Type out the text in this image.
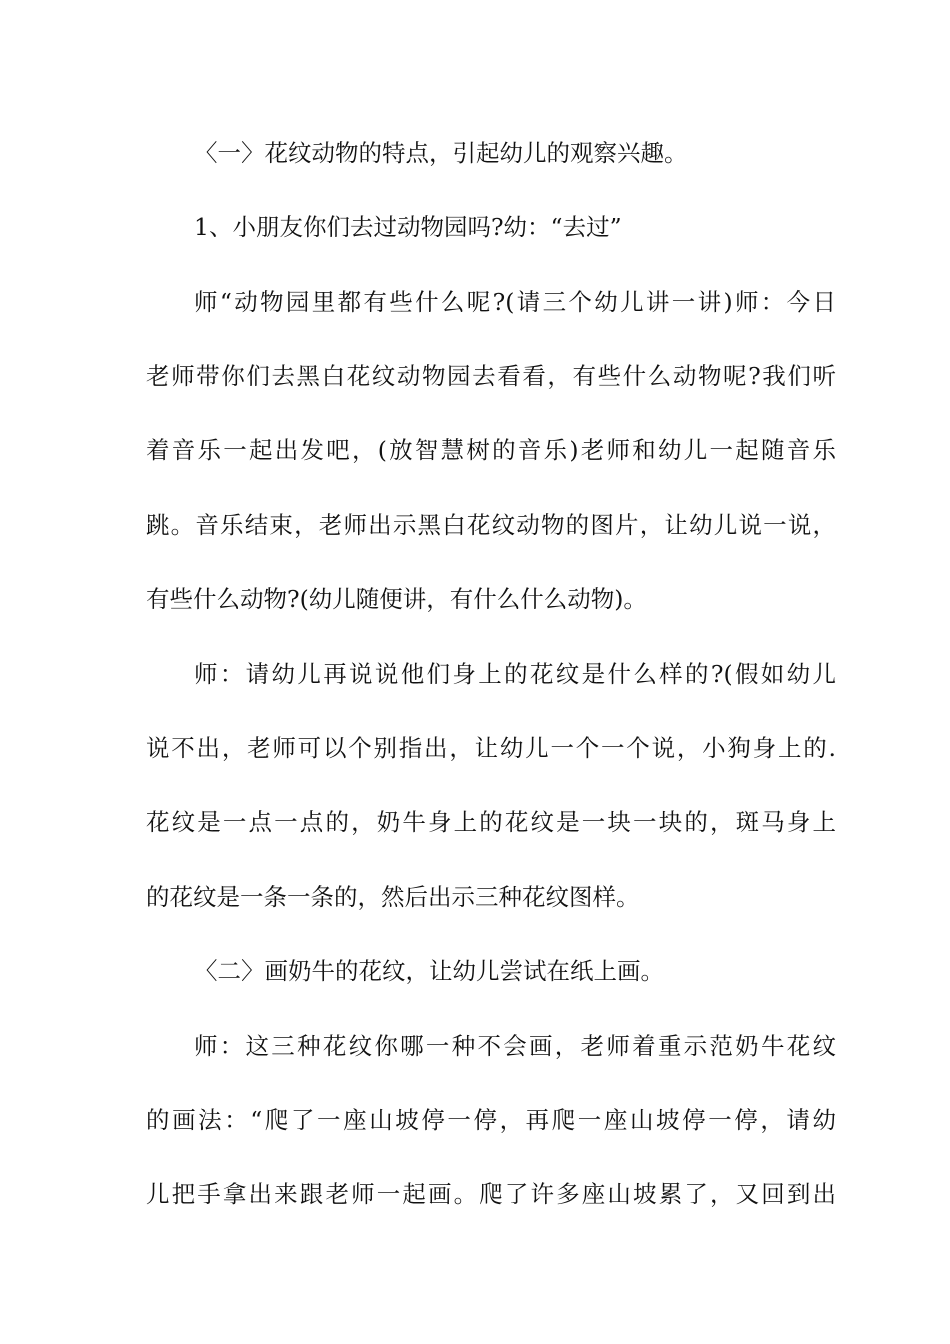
〈一〉花纹动物的特点，引起幼儿的观察兴趣。
1、小朋友你们去过动物园吗?幼：“去过”
师“动物园里都有些什么呢?(请三个幼儿讲一讲)师：今日
老师带你们去黑白花纹动物园去看看，有些什么动物呢?我们听
着音乐一起出发吧，(放智慧树的音乐)老师和幼儿一起随音乐
跳。音乐结束，老师出示黑白花纹动物的图片，让幼儿说一说，
有些什么动物?(幼儿随便讲，有什么什么动物)。
师：请幼儿再说说他们身上的花纹是什么样的?(假如幼儿
说不出，老师可以个别指出，让幼儿一个一个说，小狗身上的.
花纹是一点一点的，奶牛身上的花纹是一块一块的，斑马身上
的花纹是一条一条的，然后出示三种花纹图样。
〈二〉画奶牛的花纹，让幼儿尝试在纸上画。
师：这三种花纹你哪一种不会画，老师着重示范奶牛花纹
的画法：“爬了一座山坡停一停，再爬一座山坡停一停，请幼
儿把手拿出来跟老师一起画。爬了许多座山坡累了，又回到出
